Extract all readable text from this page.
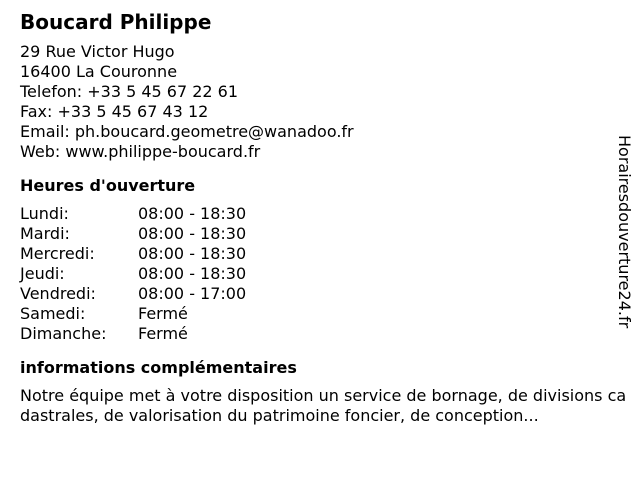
Boucard Philippe
29 Rue Victor Hugo
16400 La Couronne
Telefon: +33 5 45 67 22 61
Fax: +33 5 45 67 43 12
Email: ph.boucard.geometre@wanadoo.fr
Web: www.philippe-boucard.fr
Heures d'ouverture
Lundi:	08:00 - 18:30
Mardi:	08:00 - 18:30
Mercredi:	08:00 - 18:30
Jeudi:	08:00 - 18:30
Vendredi:	08:00 - 17:00
Samedi:	Fermé
Dimanche:	Fermé
informations complémentaires
Notre équipe met à votre disposition un service de bornage, de divisions cadastrales, de valorisation du patrimoine foncier, de conception...
Horairesdouverture24.fr
